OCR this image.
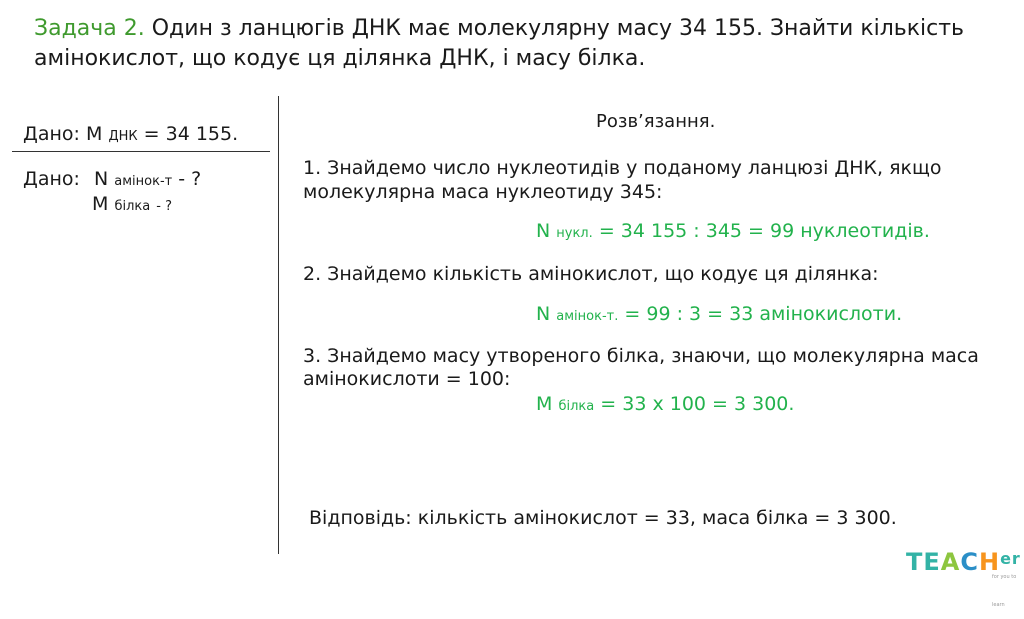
Задача 2. Один з ланцюгів ДНК має молекулярну масу 34 155. Знайти кількість амінокислот, що кодує ця ділянка ДНК, і масу білка.
Дано: M ДНК = 34 155.
Дано: N амінок-т - ?
M білка - ?
Розв’язання.
1. Знайдемо число нуклеотидів у поданому ланцюзі ДНК, якщо
молекулярна маса нуклеотиду 345:
N нукл. = 34 155 : 345 = 99 нуклеотидів.
2. Знайдемо кількість амінокислот, що кодує ця ділянка:
N амінок-т. = 99 : 3 = 33 амінокислоти.
3. Знайдемо масу утвореного білка, знаючи, що молекулярна маса
амінокислоти = 100:
M білка = 33 x 100 = 3 300.
Відповідь: кількість амінокислот = 33, маса білка = 3 300.
$TEACH^{er}$
for you to learn
